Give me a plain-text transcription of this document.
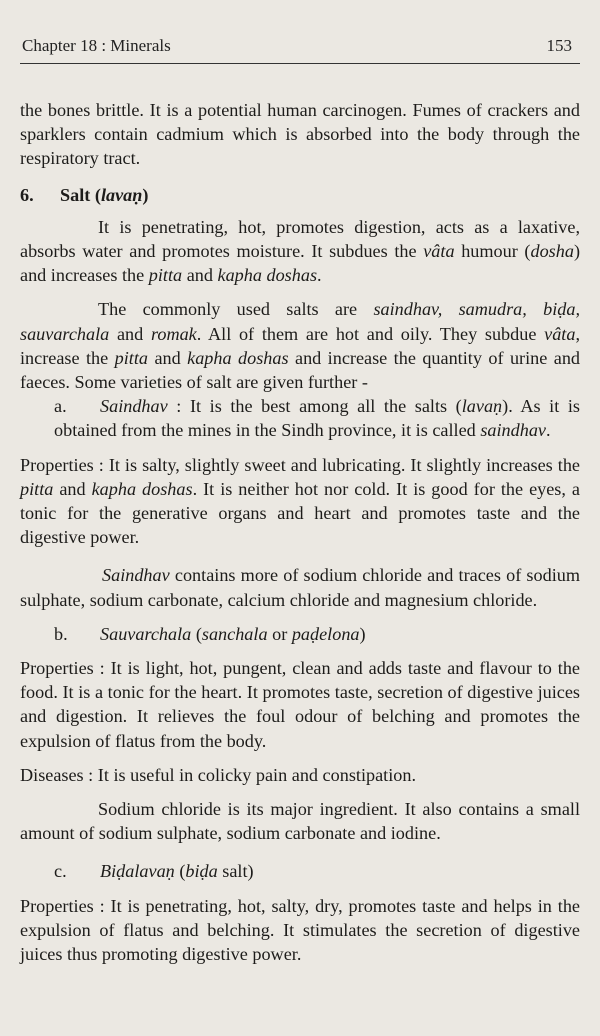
Chapter 18 : Minerals	153

the bones brittle. It is a potential human carcinogen. Fumes of crackers and sparklers contain cadmium which is absorbed into the body through the respiratory tract.

6. Salt (lavaṇ)

It is penetrating, hot, promotes digestion, acts as a laxative, absorbs water and promotes moisture. It subdues the vâta humour (dosha) and increases the pitta and kapha doshas.

The commonly used salts are saindhav, samudra, biḍa, sauvarchala and romak. All of them are hot and oily. They subdue vâta, increase the pitta and kapha doshas and increase the quantity of urine and faeces. Some varieties of salt are given further -

a. Saindhav : It is the best among all the salts (lavaṇ). As it is obtained from the mines in the Sindh province, it is called saindhav.

Properties : It is salty, slightly sweet and lubricating. It slightly increases the pitta and kapha doshas. It is neither hot nor cold. It is good for the eyes, a tonic for the generative organs and heart and promotes taste and the digestive power.

Saindhav contains more of sodium chloride and traces of sodium sulphate, sodium carbonate, calcium chloride and magnesium chloride.

b. Sauvarchala (sanchala or paḍelona)

Properties : It is light, hot, pungent, clean and adds taste and flavour to the food. It is a tonic for the heart. It promotes taste, secretion of digestive juices and digestion. It relieves the foul odour of belching and promotes the expulsion of flatus from the body.

Diseases : It is useful in colicky pain and constipation.

Sodium chloride is its major ingredient. It also contains a small amount of sodium sulphate, sodium carbonate and iodine.

c. Biḍalavaṇ (biḍa salt)

Properties : It is penetrating, hot, salty, dry, promotes taste and helps in the expulsion of flatus and belching. It stimulates the secretion of digestive juices thus promoting digestive power.
